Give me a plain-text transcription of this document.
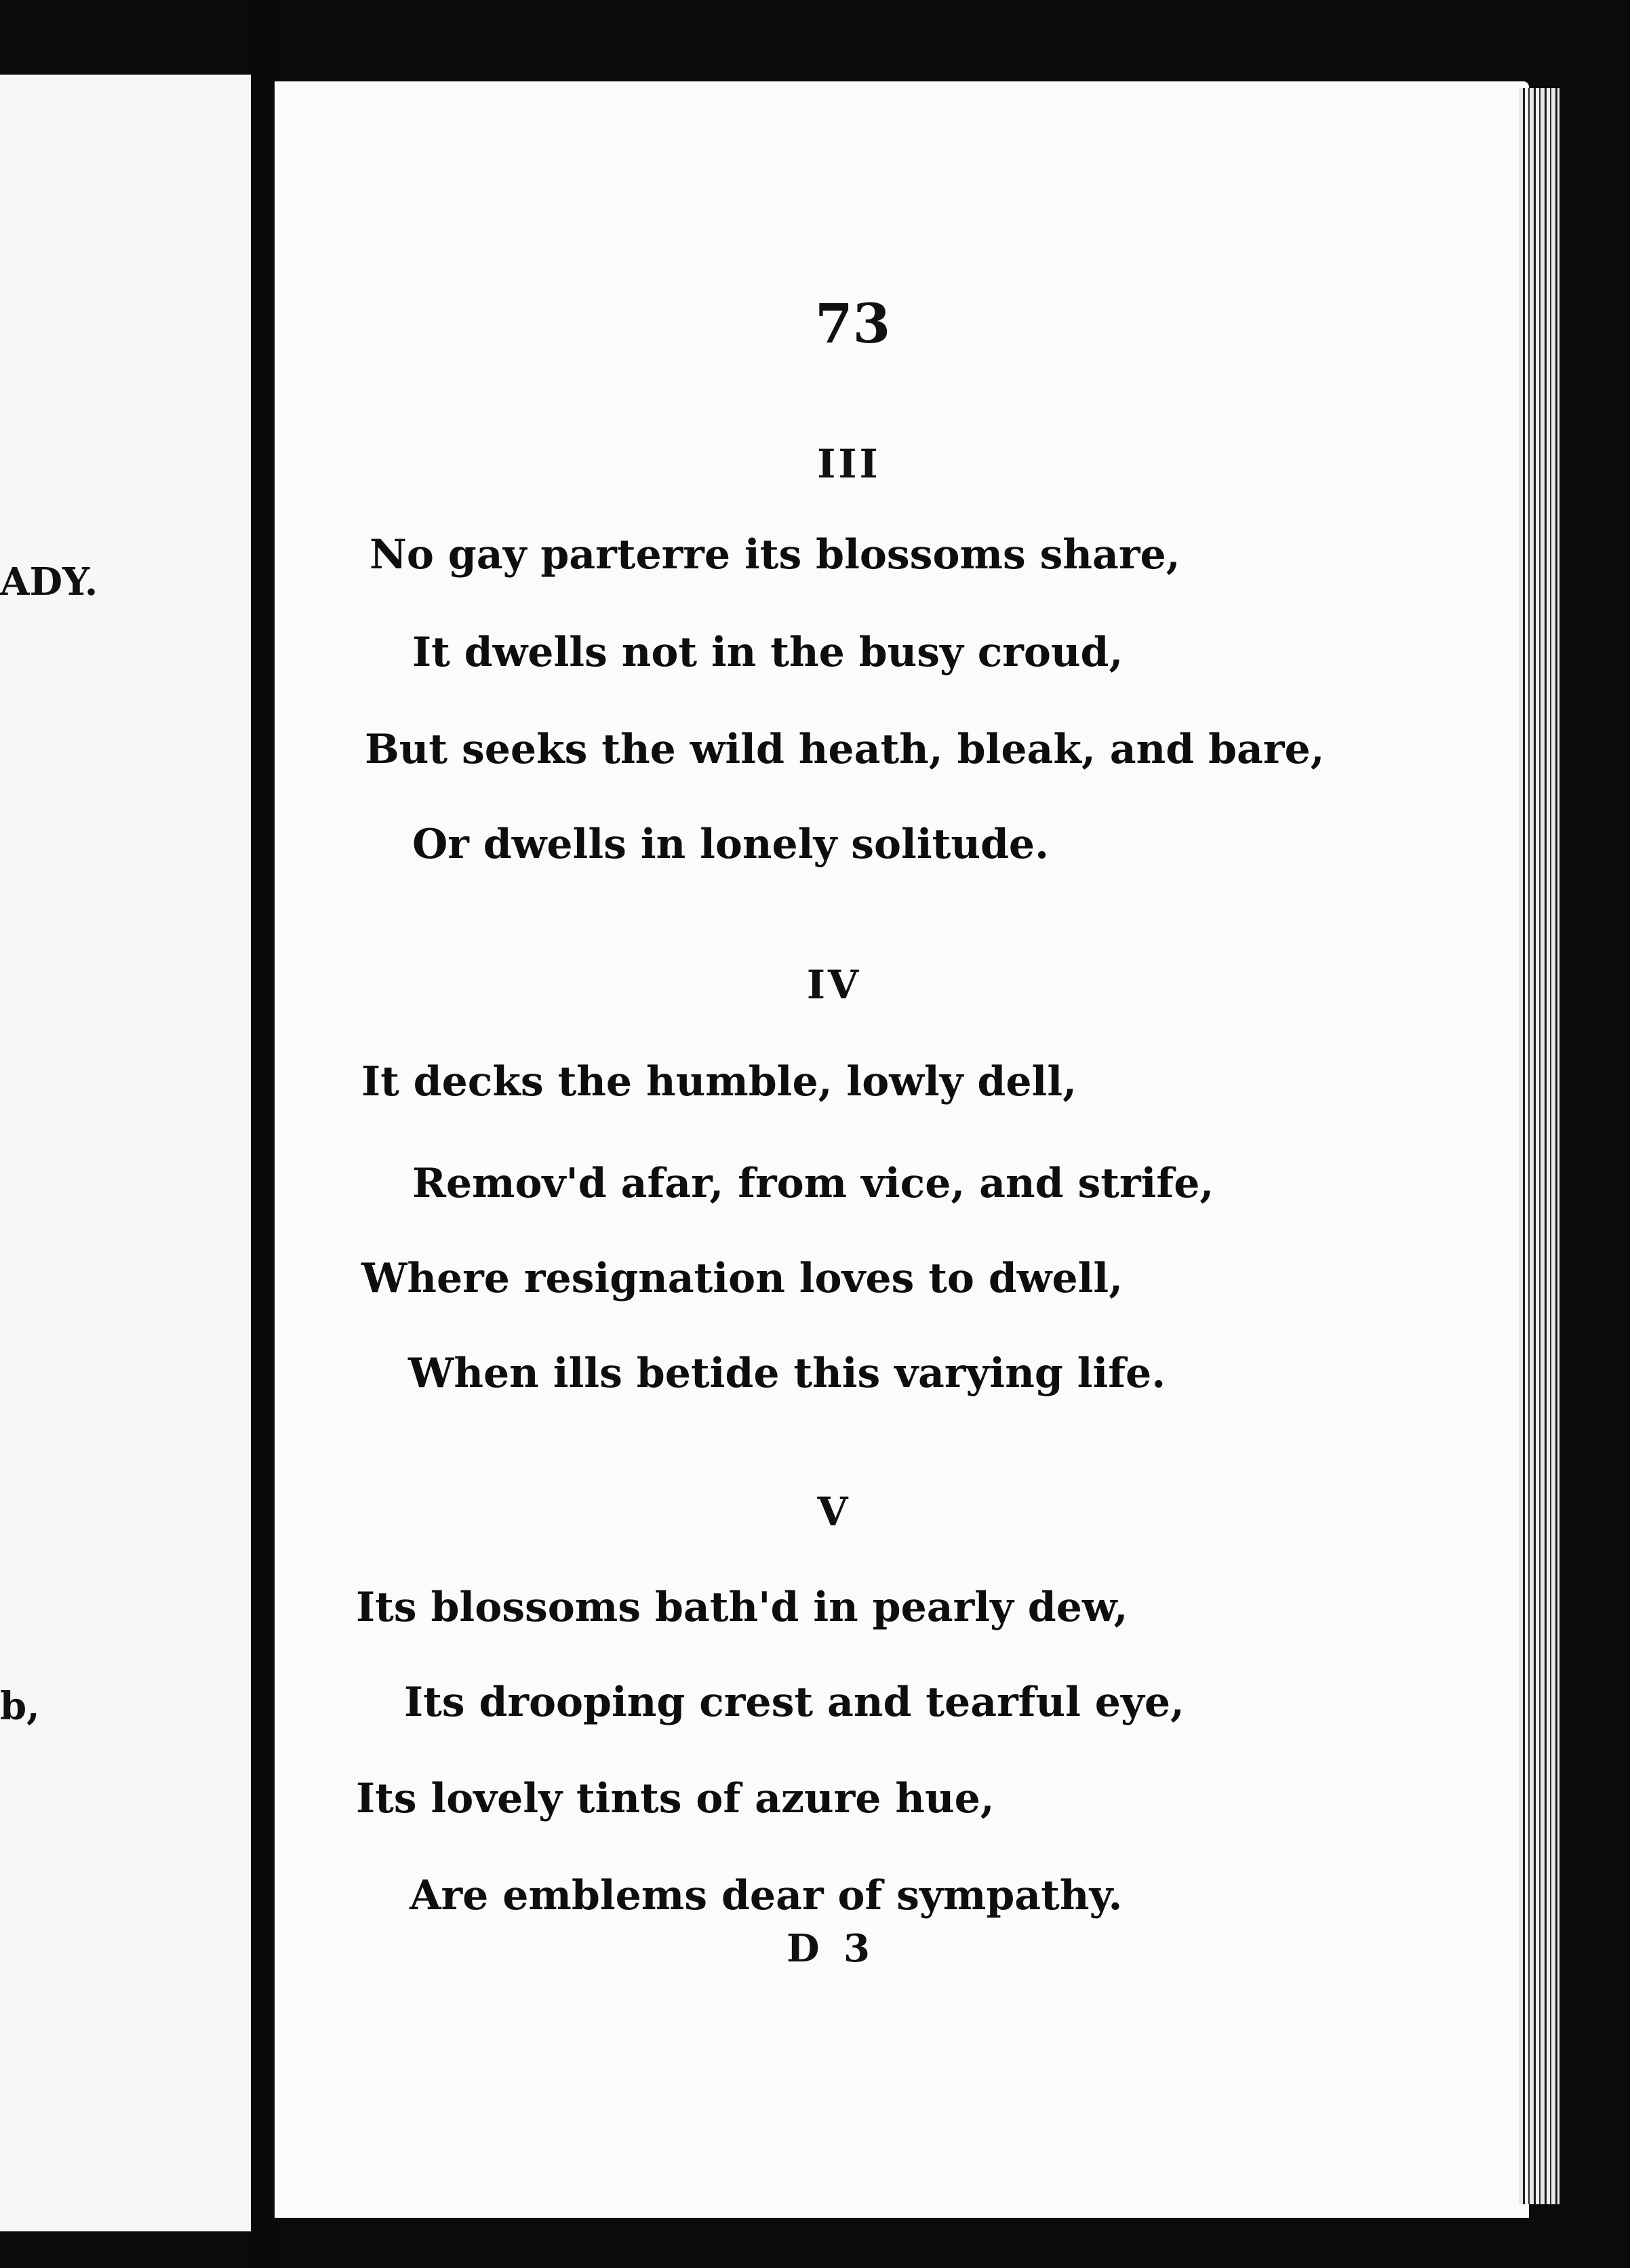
ADY.
b,
73
III
No gay parterre its blossoms share,
It dwells not in the busy croud,
But seeks the wild heath, bleak, and bare,
Or dwells in lonely solitude.
IV
It decks the humble, lowly dell,
Remov'd afar, from vice, and strife,
Where resignation loves to dwell,
When ills betide this varying life.
V
Its blossoms bath'd in pearly dew,
Its drooping crest and tearful eye,
Its lovely tints of azure hue,
Are emblems dear of sympathy.
D 3
